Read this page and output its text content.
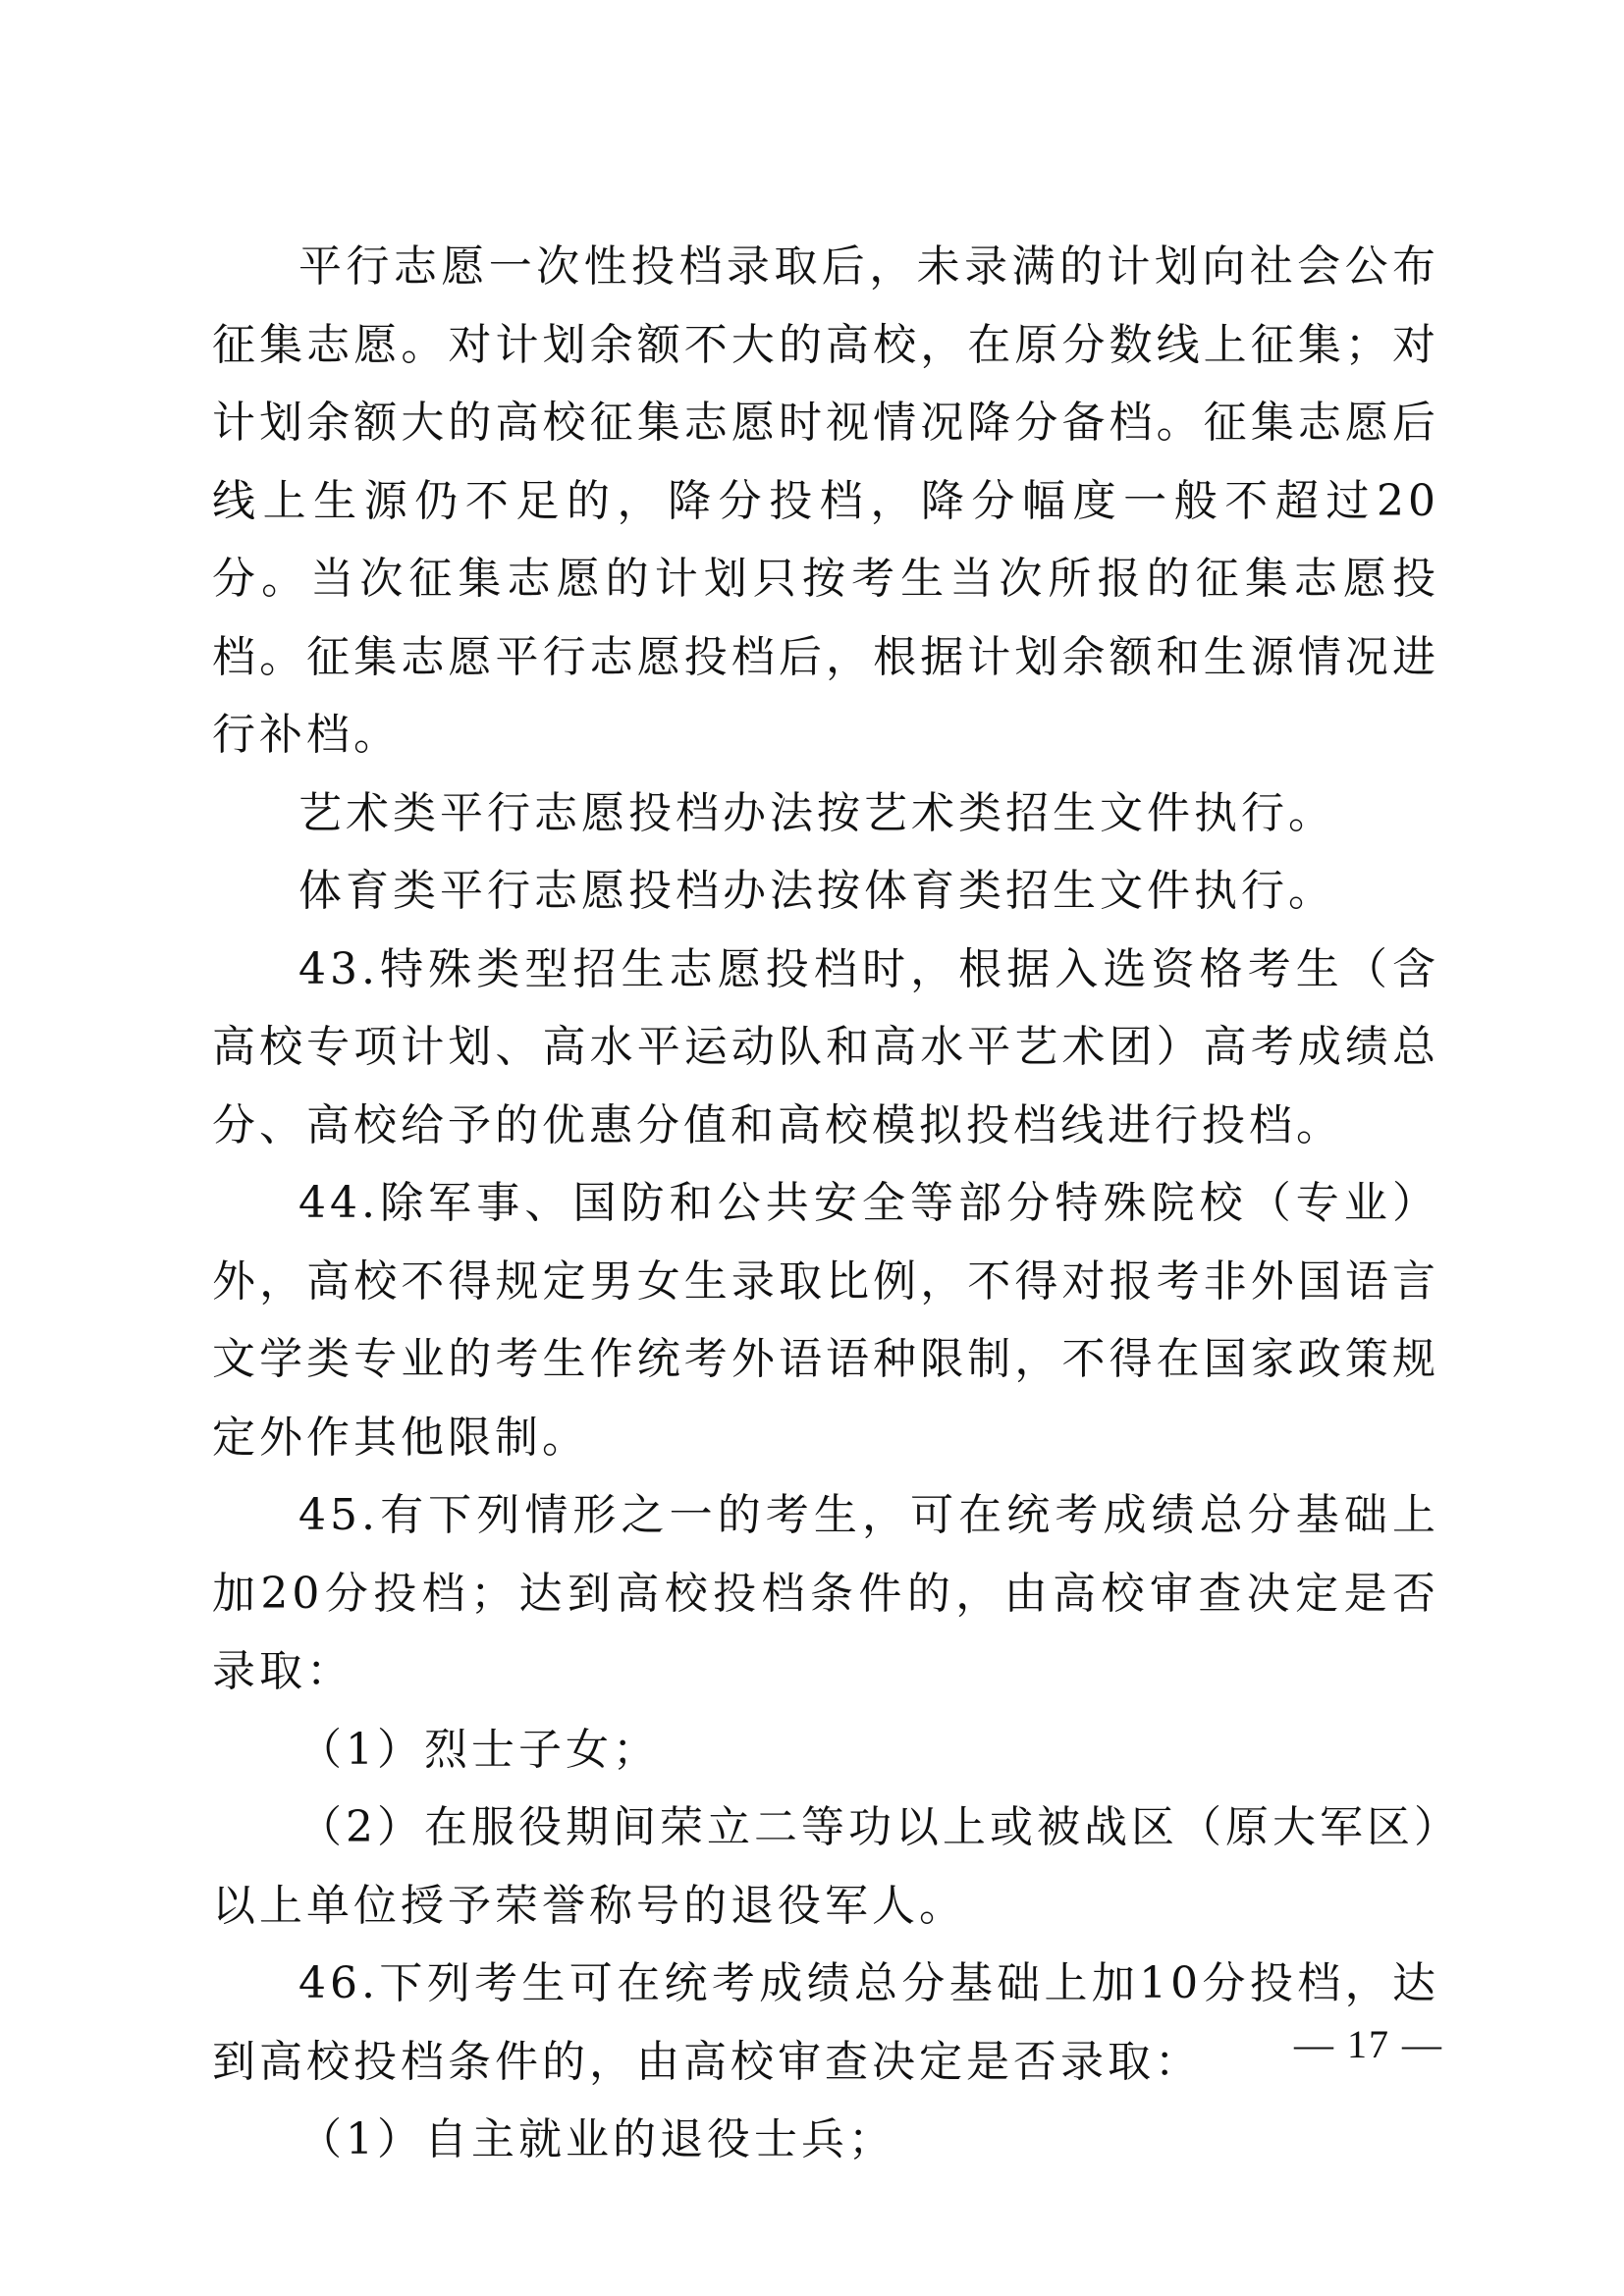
平行志愿一次性投档录取后，未录满的计划向社会公布征集志愿。对计划余额不大的高校，在原分数线上征集；对计划余额大的高校征集志愿时视情况降分备档。征集志愿后线上生源仍不足的，降分投档，降分幅度一般不超过20分。当次征集志愿的计划只按考生当次所报的征集志愿投档。征集志愿平行志愿投档后，根据计划余额和生源情况进行补档。

艺术类平行志愿投档办法按艺术类招生文件执行。

体育类平行志愿投档办法按体育类招生文件执行。

43.特殊类型招生志愿投档时，根据入选资格考生（含高校专项计划、高水平运动队和高水平艺术团）高考成绩总分、高校给予的优惠分值和高校模拟投档线进行投档。

44.除军事、国防和公共安全等部分特殊院校（专业）外，高校不得规定男女生录取比例，不得对报考非外国语言文学类专业的考生作统考外语语种限制，不得在国家政策规定外作其他限制。

45.有下列情形之一的考生，可在统考成绩总分基础上加20分投档；达到高校投档条件的，由高校审查决定是否录取：

（1）烈士子女；

（2）在服役期间荣立二等功以上或被战区（原大军区）以上单位授予荣誉称号的退役军人。

46.下列考生可在统考成绩总分基础上加10分投档，达到高校投档条件的，由高校审查决定是否录取：

（1）自主就业的退役士兵；

— 17 —
